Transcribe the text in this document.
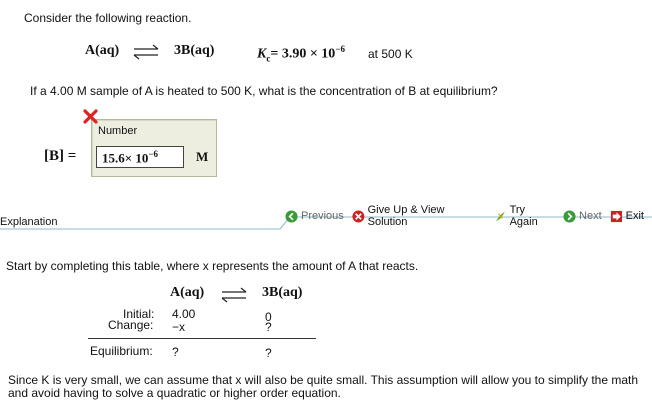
Consider the following reaction.
A(aq) ⇌ 3B(aq)	$K_c= 3.90 \times 10^{-6}$ at 500 K
If a 4.00 M sample of A is heated to 500 K, what is the concentration of B at equilibrium?
Number
[B] =	$15.6\times 10^{-6}$	M
Explanation	Previous Give Up & View Solution
Try Again	Next Exit
Start by completing this table, where x represents the amount of A that reacts.
A(aq)	3B(aq)
Initial: 4.00	0
Change: −x	?
Equilibrium: ?	?
Since K is very small, we can assume that x will also be quite small. This assumption will allow you to simplify the math and avoid having to solve a quadratic or higher order equation.
